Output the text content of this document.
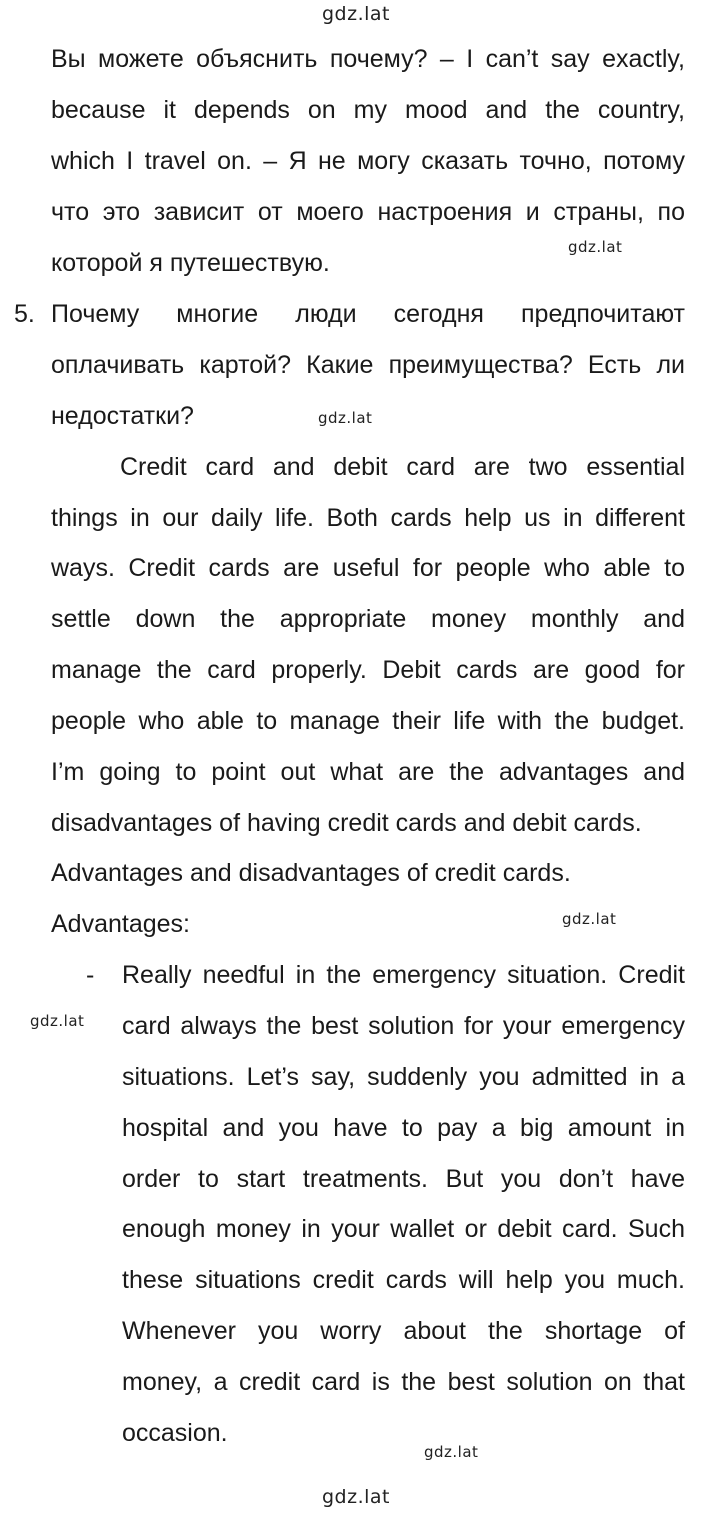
gdz.lat
gdz.lat
gdz.lat
gdz.lat
gdz.lat
gdz.lat
gdz.lat
Вы можете объяснить почему? – I can’t say exactly,
because it depends on my mood and the country,
which I travel on. – Я не могу сказать точно, потому
что это зависит от моего настроения и страны, по
которой я путешествую.
5. Почему многие люди сегодня предпочитают
оплачивать картой? Какие преимущества? Есть ли
недостатки?
Credit card and debit card are two essential
things in our daily life. Both cards help us in different
ways. Credit cards are useful for people who able to
settle down the appropriate money monthly and
manage the card properly. Debit cards are good for
people who able to manage their life with the budget.
I’m going to point out what are the advantages and
disadvantages of having credit cards and debit cards.
Advantages and disadvantages of credit cards.
Advantages:
- Really needful in the emergency situation. Credit
card always the best solution for your emergency
situations. Let’s say, suddenly you admitted in a
hospital and you have to pay a big amount in
order to start treatments. But you don’t have
enough money in your wallet or debit card. Such
these situations credit cards will help you much.
Whenever you worry about the shortage of
money, a credit card is the best solution on that
occasion.
